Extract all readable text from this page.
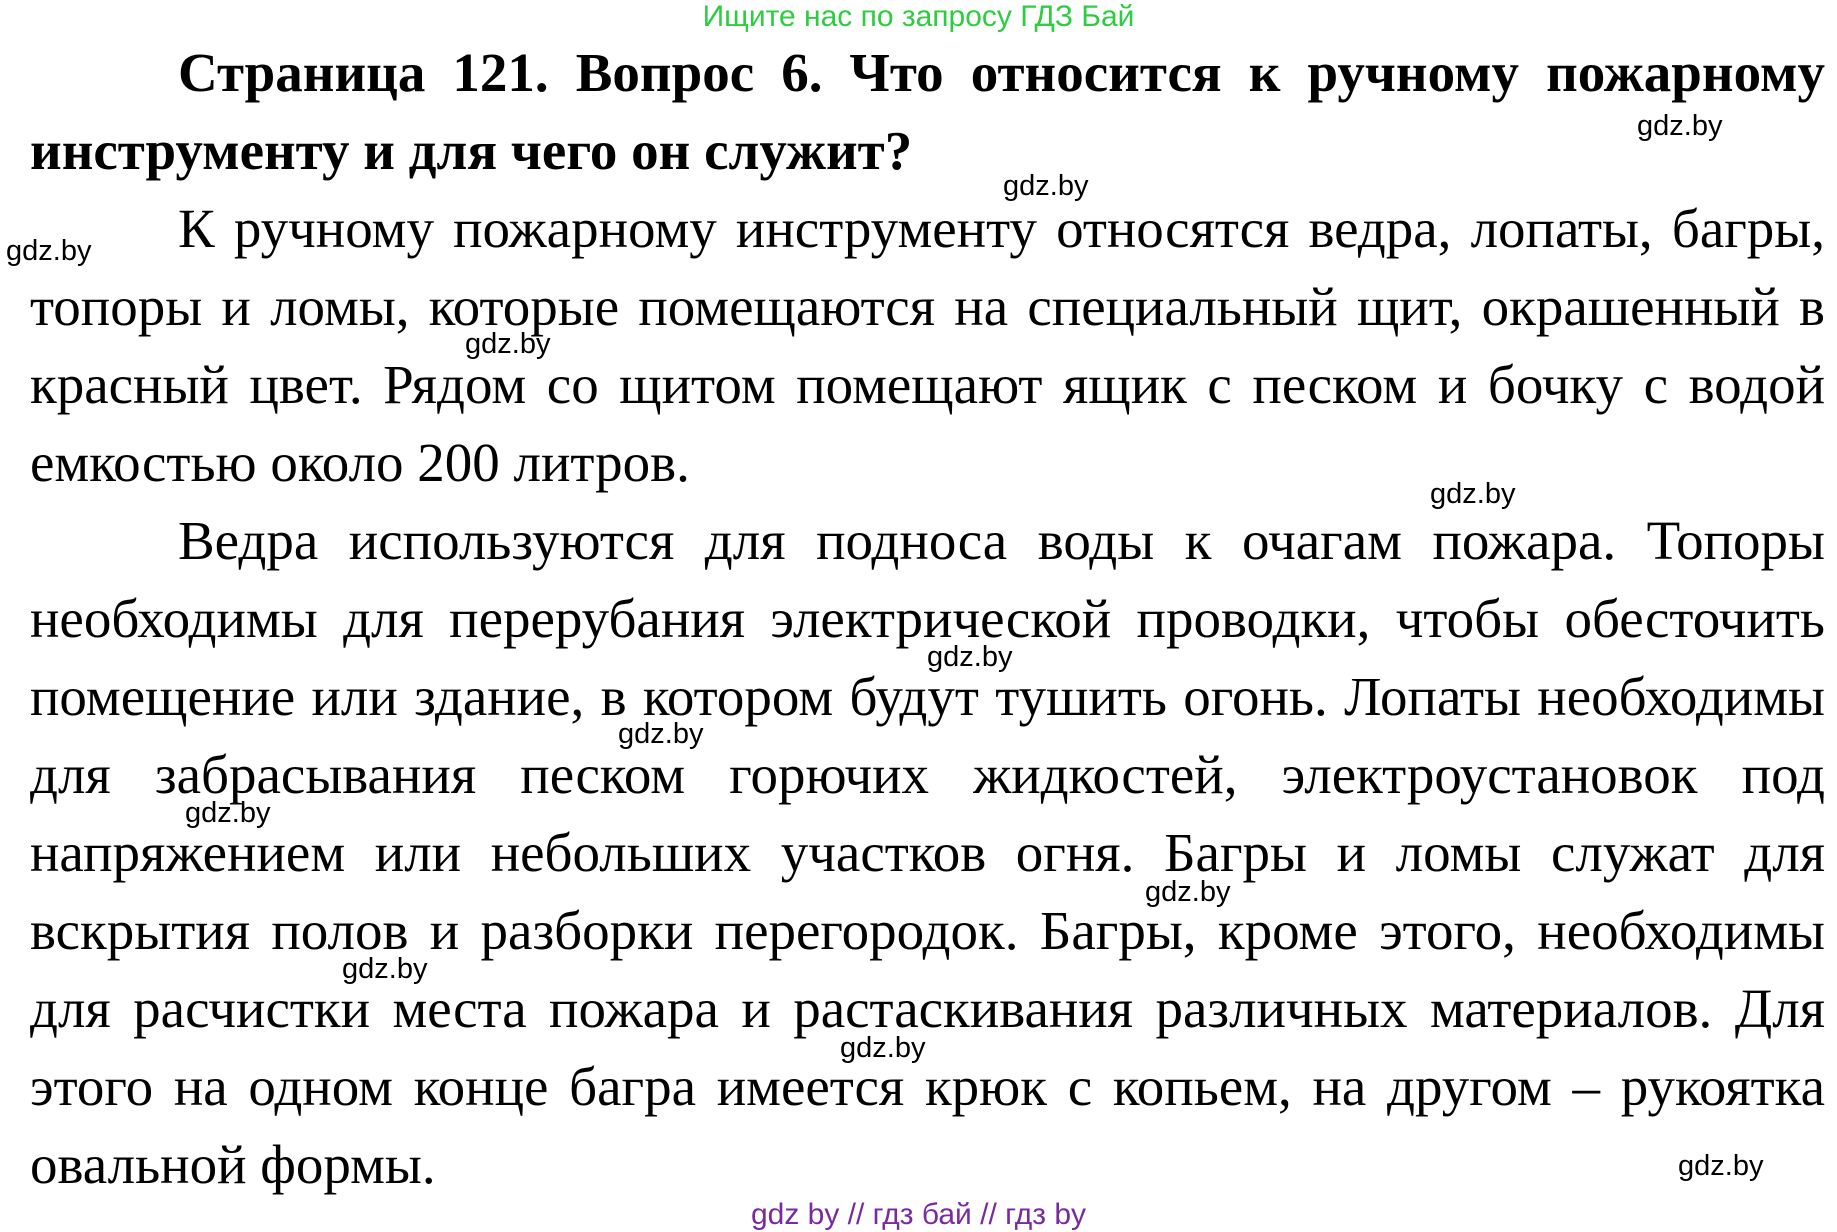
Ищите нас по запросу ГДЗ Бай

Страница 121. Вопрос 6. Что относится к ручному пожарному инструменту и для чего он служит?

К ручному пожарному инструменту относятся ведра, лопаты, багры, топоры и ломы, которые помещаются на специальный щит, окрашенный в красный цвет. Рядом со щитом помещают ящик с песком и бочку с водой емкостью около 200 литров.

Ведра используются для подноса воды к очагам пожара. Топоры необходимы для перерубания электрической проводки, чтобы обесточить помещение или здание, в котором будут тушить огонь. Лопаты необходимы для забрасывания песком горючих жидкостей, электроустановок под напряжением или небольших участков огня. Багры и ломы служат для вскрытия полов и разборки перегородок. Багры, кроме этого, необходимы для расчистки места пожара и растаскивания различных материалов. Для этого на одном конце багра имеется крюк с копьем, на другом – рукоятка овальной формы.

gdz.by
gdz.by
gdz.by
gdz.by
gdz.by
gdz.by
gdz.by
gdz.by
gdz.by
gdz.by
gdz.by
gdz.by
gdz by // гдз бай // гдз by
